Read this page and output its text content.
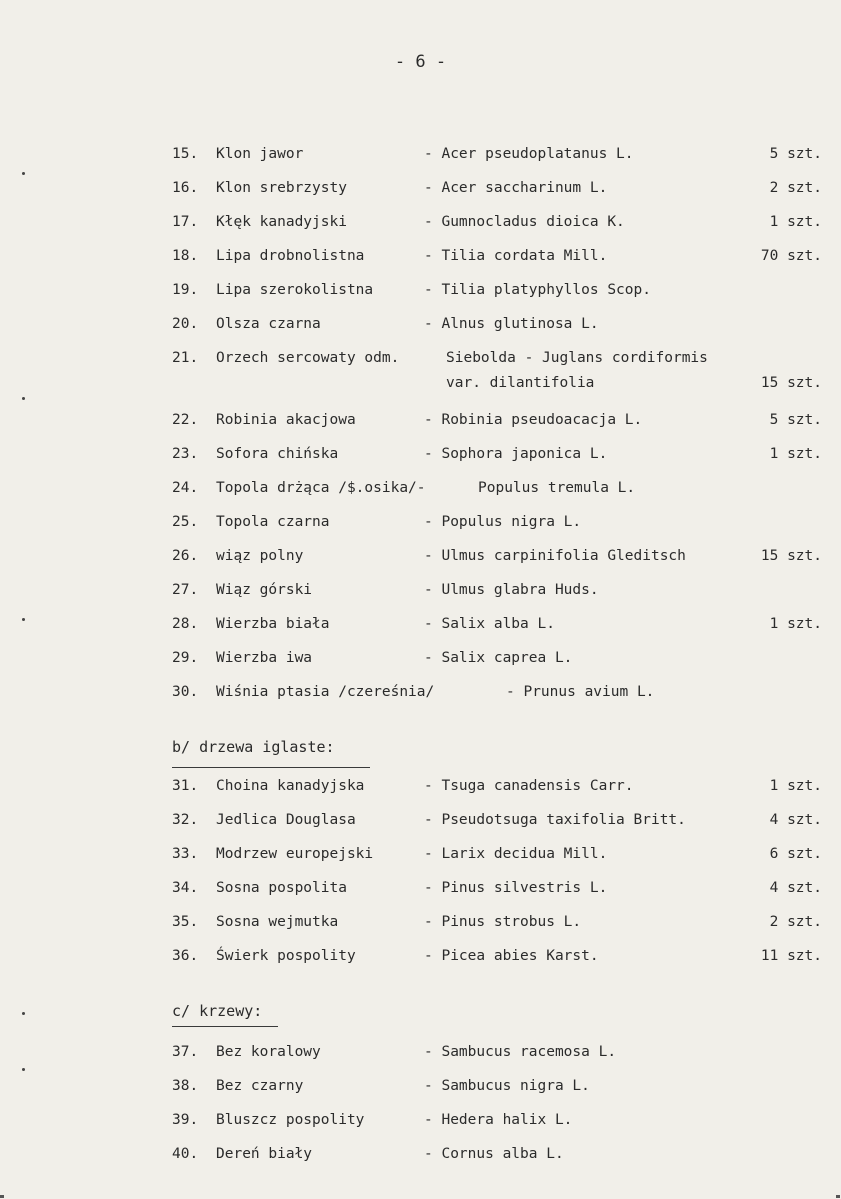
- 6 -
15.	Klon jawor	- Acer pseudoplatanus L.	5 szt.
16.	Klon srebrzysty	- Acer saccharinum L.	2 szt.
17.	Kłęk kanadyjski	- Gumnocladus dioica K.	1 szt.
18.	Lipa drobnolistna	- Tilia cordata Mill.	70 szt.
19.	Lipa szerokolistna	- Tilia platyphyllos Scop.
20.	Olsza czarna	- Alnus glutinosa L.
21.	Orzech sercowaty odm.	Siebolda - Juglans cordiformis
var. dilantifolia	15 szt.
22.	Robinia akacjowa	- Robinia pseudoacacja L.	5 szt.
23.	Sofora chińska	- Sophora japonica L.	1 szt.
24.	Topola drżąca /$.osika/-	Populus tremula L.
25.	Topola czarna	- Populus nigra L.
26.	wiąz polny	- Ulmus carpinifolia Gleditsch	15 szt.
27.	Wiąz górski	- Ulmus glabra Huds.
28.	Wierzba biała	- Salix alba L.	1 szt.
29.	Wierzba iwa	- Salix caprea L.
30.	Wiśnia ptasia /czereśnia/	- Prunus avium L.
b/ drzewa iglaste:
31.	Choina kanadyjska	- Tsuga canadensis Carr.	1 szt.
32.	Jedlica Douglasa	- Pseudotsuga taxifolia Britt.	4 szt.
33.	Modrzew europejski	- Larix decidua Mill.	6 szt.
34.	Sosna pospolita	- Pinus silvestris L.	4 szt.
35.	Sosna wejmutka	- Pinus strobus L.	2 szt.
36.	Świerk pospolity	- Picea abies Karst.	11 szt.
c/ krzewy:
37.	Bez koralowy	- Sambucus racemosa L.
38.	Bez czarny	- Sambucus nigra L.
39.	Bluszcz pospolity	- Hedera halix L.
40.	Dereń biały	- Cornus alba L.
